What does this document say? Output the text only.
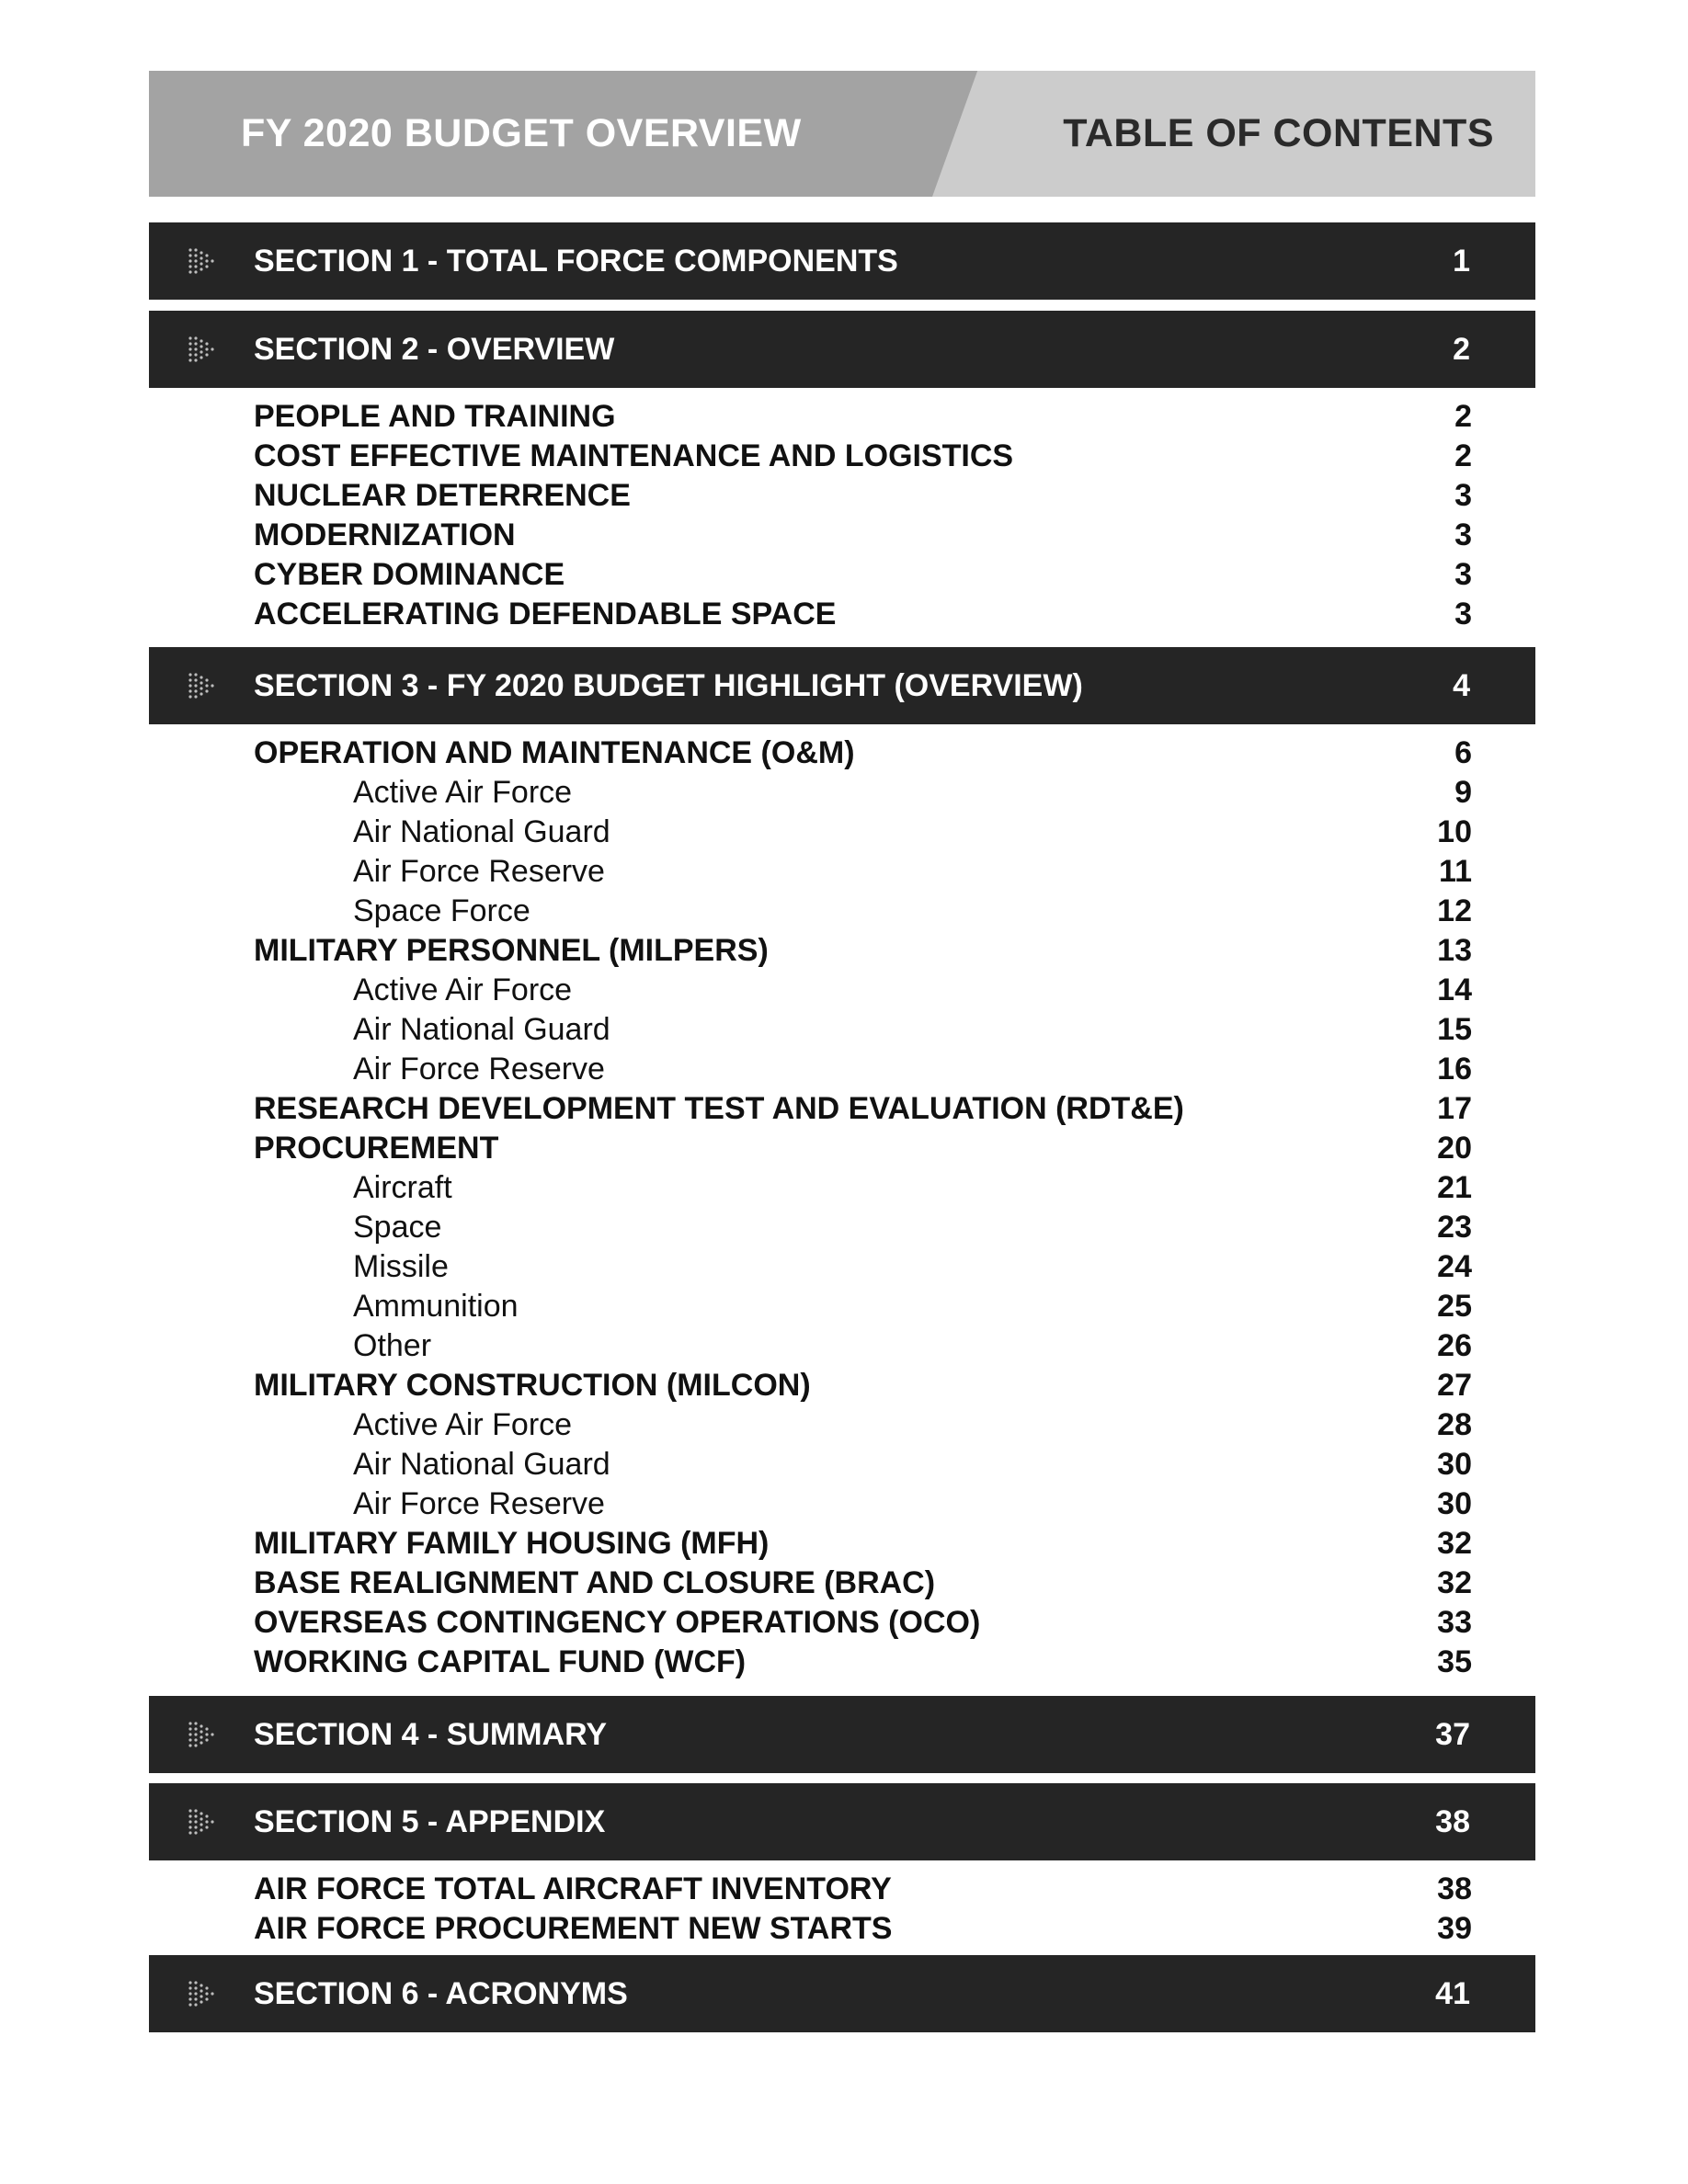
FY 2020 BUDGET OVERVIEW	TABLE OF CONTENTS
SECTION 1 - TOTAL FORCE COMPONENTS	1
SECTION 2 - OVERVIEW	2
PEOPLE AND TRAINING	2
COST EFFECTIVE MAINTENANCE AND LOGISTICS	2
NUCLEAR DETERRENCE	3
MODERNIZATION	3
CYBER DOMINANCE	3
ACCELERATING DEFENDABLE SPACE	3
SECTION 3 - FY 2020 BUDGET HIGHLIGHT (OVERVIEW)	4
OPERATION AND MAINTENANCE (O&M)	6
Active Air Force	9
Air National Guard	10
Air Force Reserve	11
Space Force	12
MILITARY PERSONNEL (MILPERS)	13
Active Air Force	14
Air National Guard	15
Air Force Reserve	16
RESEARCH DEVELOPMENT TEST AND EVALUATION (RDT&E)	17
PROCUREMENT	20
Aircraft	21
Space	23
Missile	24
Ammunition	25
Other	26
MILITARY CONSTRUCTION (MILCON)	27
Active Air Force	28
Air National Guard	30
Air Force Reserve	30
MILITARY FAMILY HOUSING (MFH)	32
BASE REALIGNMENT AND CLOSURE (BRAC)	32
OVERSEAS CONTINGENCY OPERATIONS (OCO)	33
WORKING CAPITAL FUND (WCF)	35
SECTION 4 - SUMMARY	37
SECTION 5 - APPENDIX	38
AIR FORCE TOTAL AIRCRAFT INVENTORY	38
AIR FORCE PROCUREMENT NEW STARTS	39
SECTION 6 - ACRONYMS	41
